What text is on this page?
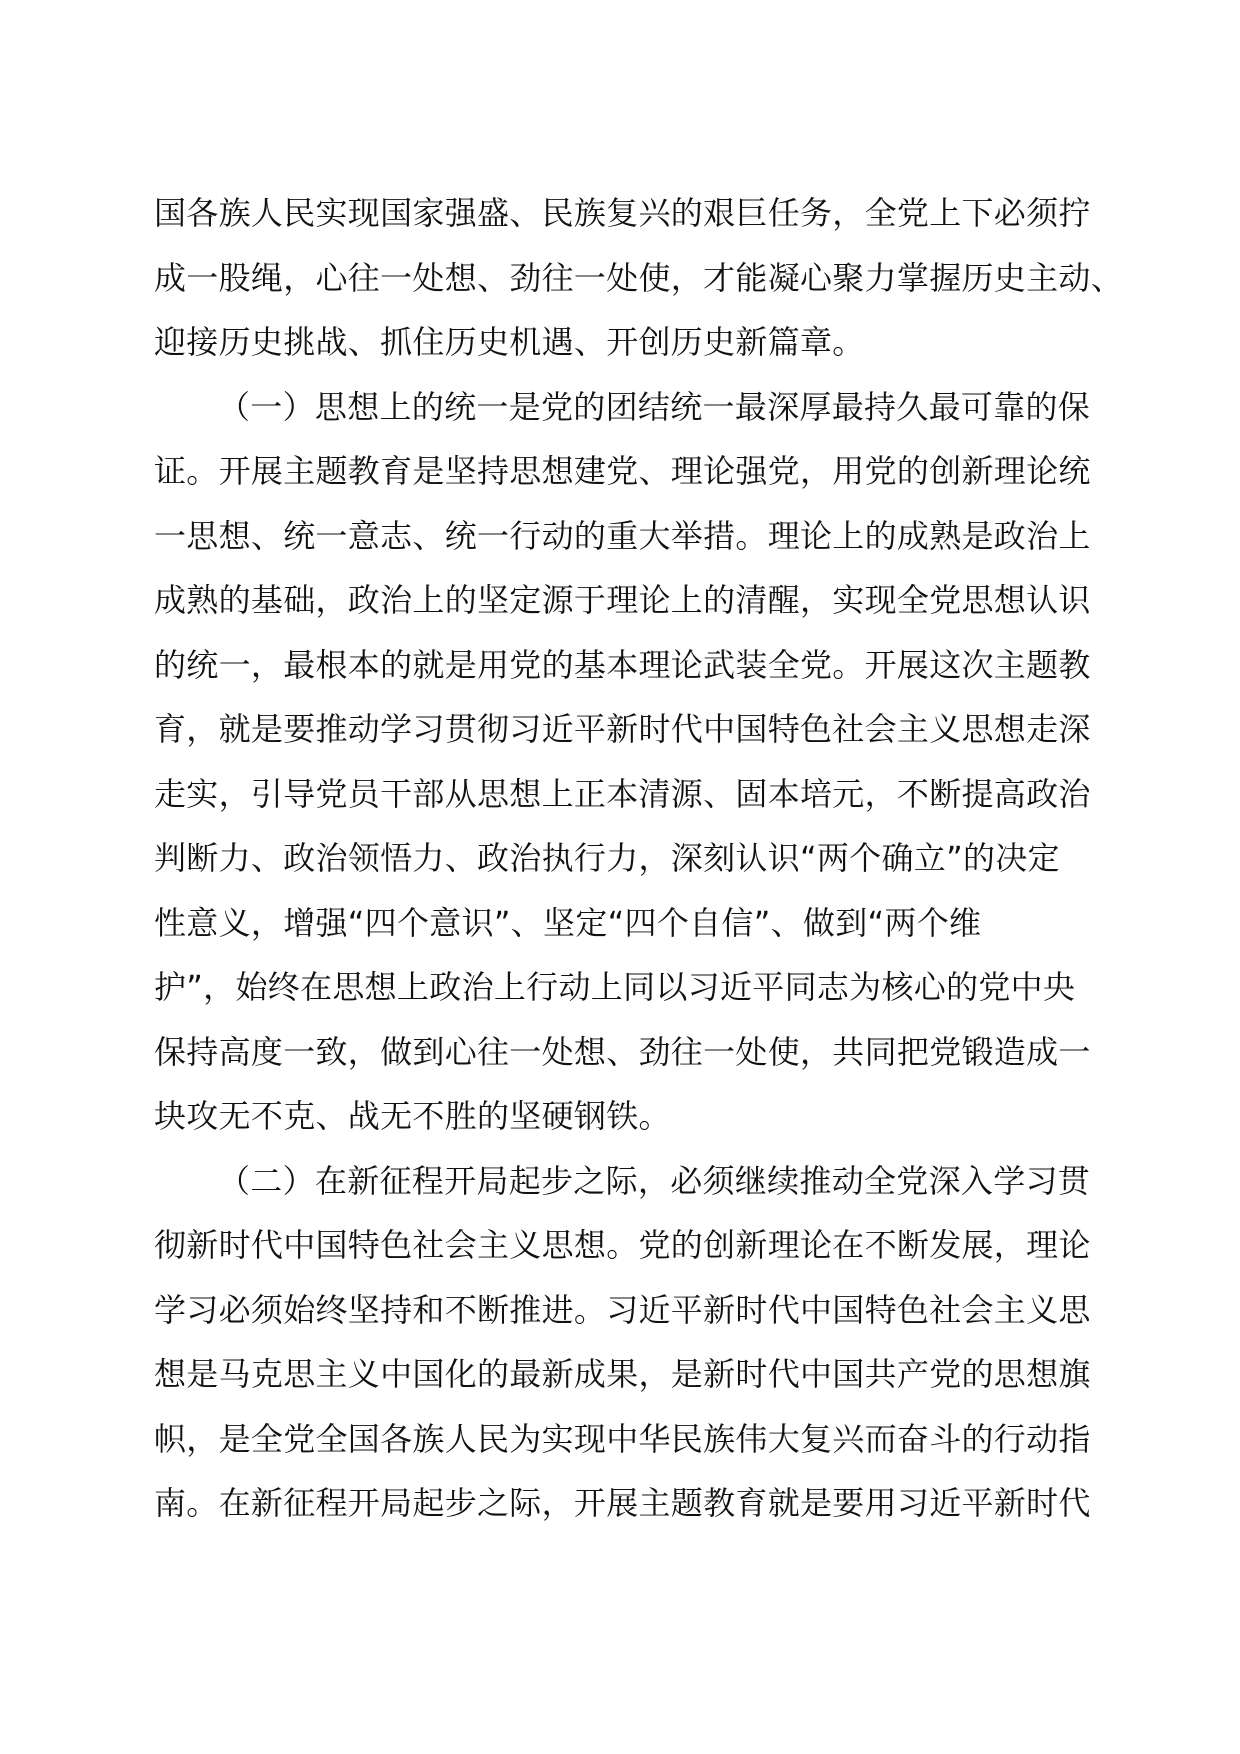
国各族人民实现国家强盛、民族复兴的艰巨任务，全党上下必须拧
成一股绳，心往一处想、劲往一处使，才能凝心聚力掌握历史主动、
迎接历史挑战、抓住历史机遇、开创历史新篇章。
（一）思想上的统一是党的团结统一最深厚最持久最可靠的保
证。开展主题教育是坚持思想建党、理论强党，用党的创新理论统
一思想、统一意志、统一行动的重大举措。理论上的成熟是政治上
成熟的基础，政治上的坚定源于理论上的清醒，实现全党思想认识
的统一，最根本的就是用党的基本理论武装全党。开展这次主题教
育，就是要推动学习贯彻习近平新时代中国特色社会主义思想走深
走实，引导党员干部从思想上正本清源、固本培元，不断提高政治
判断力、政治领悟力、政治执行力，深刻认识“两个确立”的决定
性意义，增强“四个意识”、坚定“四个自信”、做到“两个维
护”，始终在思想上政治上行动上同以习近平同志为核心的党中央
保持高度一致，做到心往一处想、劲往一处使，共同把党锻造成一
块攻无不克、战无不胜的坚硬钢铁。
（二）在新征程开局起步之际，必须继续推动全党深入学习贯
彻新时代中国特色社会主义思想。党的创新理论在不断发展，理论
学习必须始终坚持和不断推进。习近平新时代中国特色社会主义思
想是马克思主义中国化的最新成果，是新时代中国共产党的思想旗
帜，是全党全国各族人民为实现中华民族伟大复兴而奋斗的行动指
南。在新征程开局起步之际，开展主题教育就是要用习近平新时代
